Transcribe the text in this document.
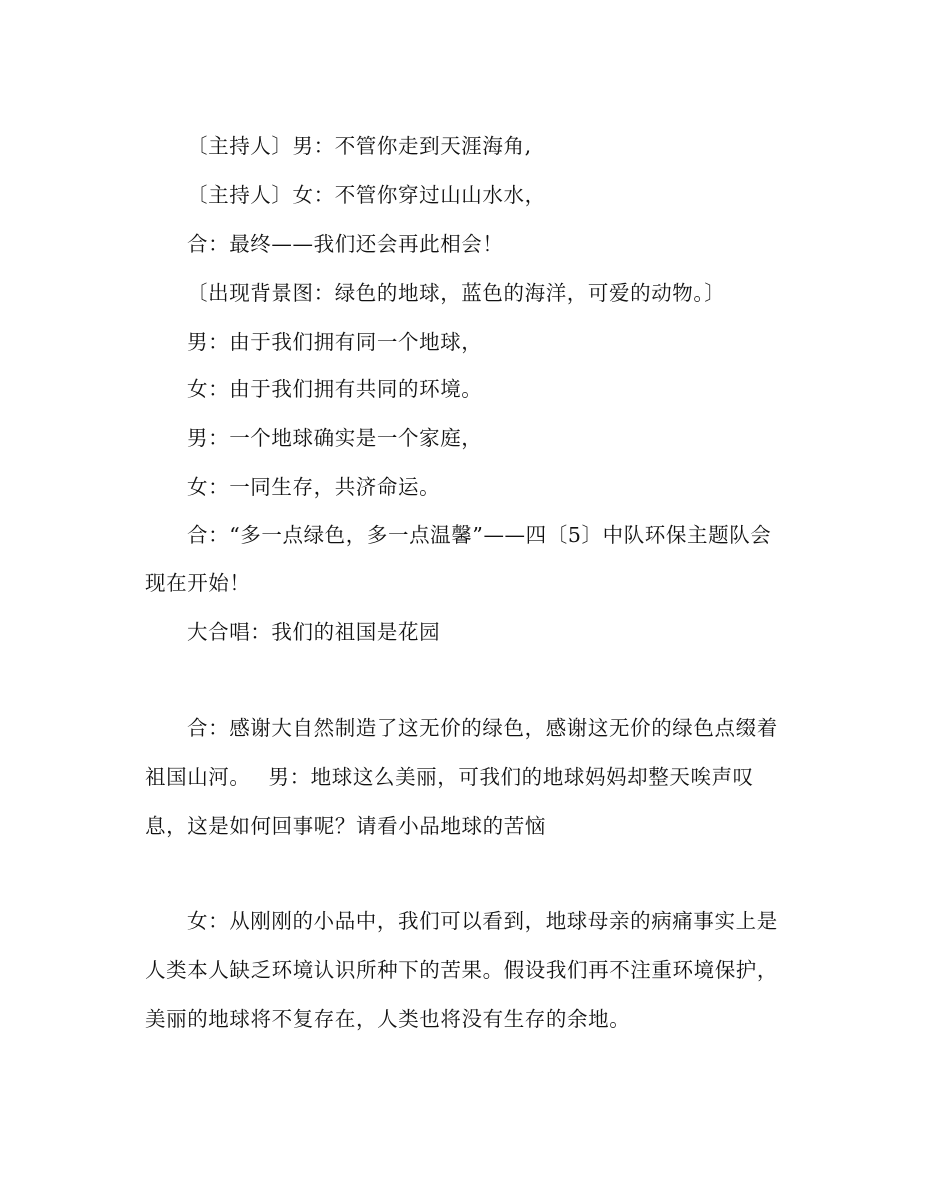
〔主持人〕男：不管你走到天涯海角,
〔主持人〕女：不管你穿过山山水水，
合：最终——我们还会再此相会！
〔出现背景图：绿色的地球，蓝色的海洋，可爱的动物。〕
男：由于我们拥有同一个地球，
女：由于我们拥有共同的环境。
男：一个地球确实是一个家庭，
女：一同生存，共济命运。
合：“多一点绿色，多一点温馨”——四〔5〕中队环保主题队会
现在开始！
大合唱：我们的祖国是花园
合：感谢大自然制造了这无价的绿色，感谢这无价的绿色点缀着
祖国山河。　 男：地球这么美丽，可我们的地球妈妈却整天唉声叹
息，这是如何回事呢？请看小品地球的苦恼
女：从刚刚的小品中，我们可以看到，地球母亲的病痛事实上是
人类本人缺乏环境认识所种下的苦果。假设我们再不注重环境保护，
美丽的地球将不复存在，人类也将没有生存的余地。
